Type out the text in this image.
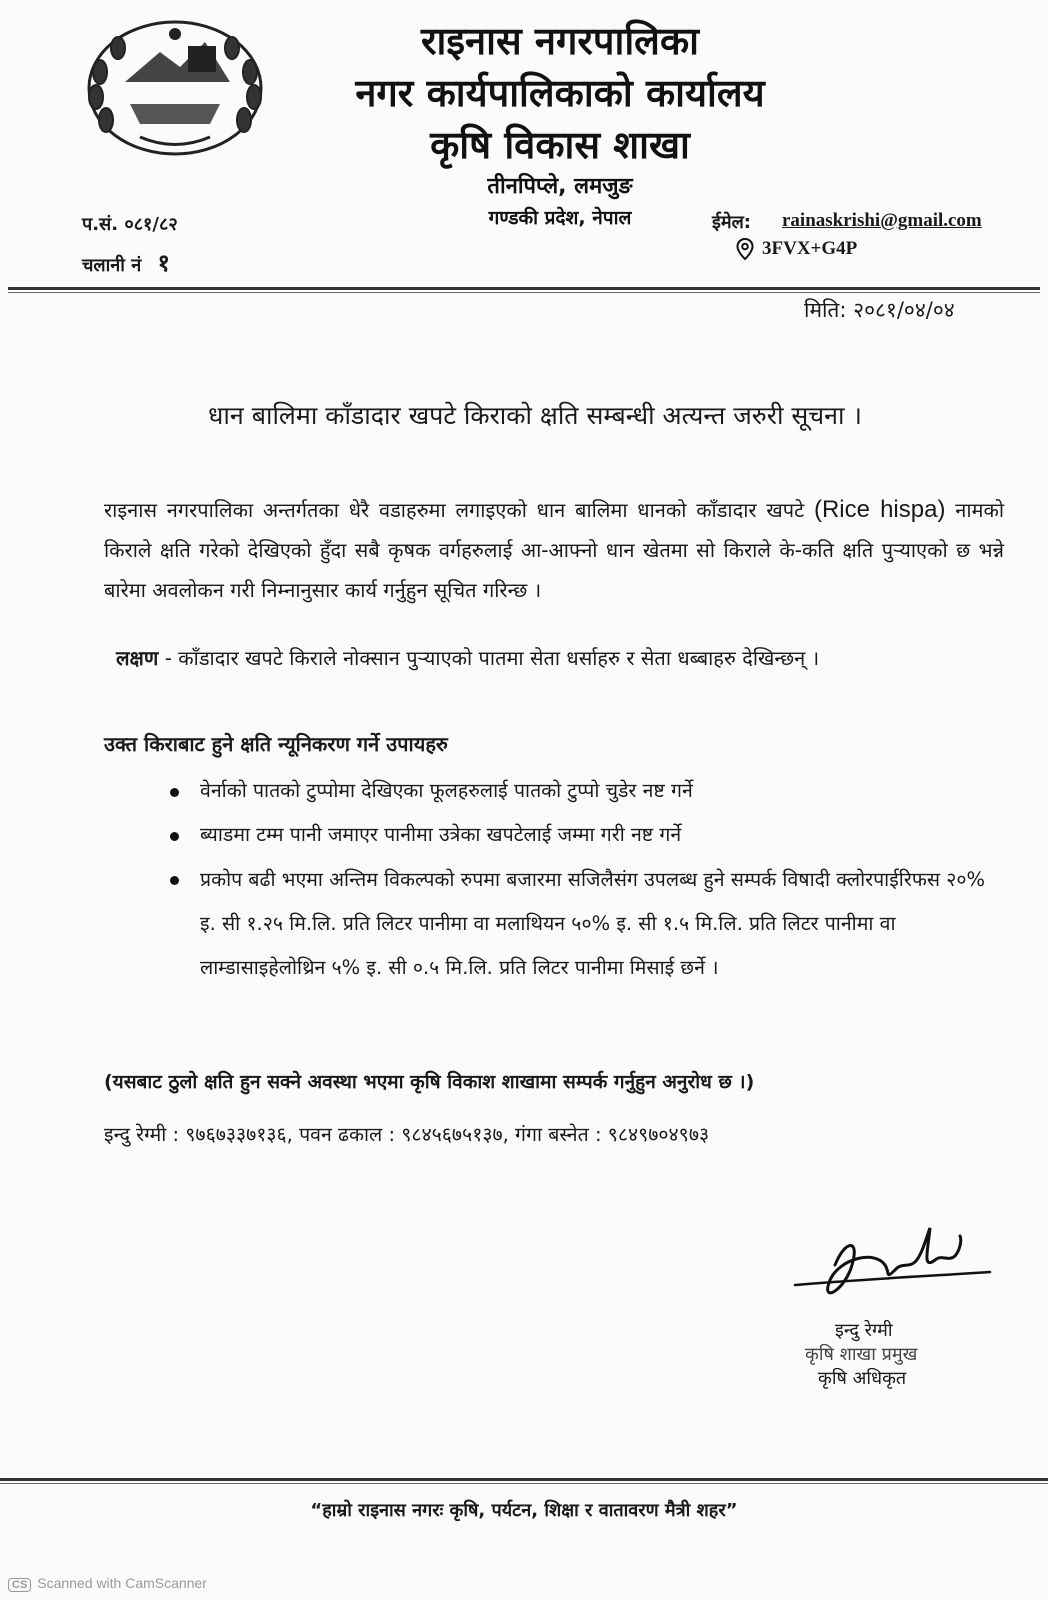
राइनास नगरपालिका
नगर कार्यपालिकाको कार्यालय
कृषि विकास शाखा
तीनपिप्ले, लमजुङ
गण्डकी प्रदेश, नेपाल
प.सं. ०८१/८२
चलानी नं १
ईमेल: rainaskrishi@gmail.com
3FVX+G4P
मिति: २०८१/०४/०४
धान बालिमा काँडादार खपटे किराको क्षति सम्बन्धी अत्यन्त जरुरी सूचना ।
राइनास नगरपालिका अन्तर्गतका धेरै वडाहरुमा लगाइएको धान बालिमा धानको काँडादार खपटे (Rice hispa) नामको किराले क्षति गरेको देखिएको हुँदा सबै कृषक वर्गहरुलाई आ-आफ्नो धान खेतमा सो किराले के-कति क्षति पुऱ्याएको छ भन्ने बारेमा अवलोकन गरी निम्नानुसार कार्य गर्नुहुन सूचित गरिन्छ ।
लक्षण - काँडादार खपटे किराले नोक्सान पुऱ्याएको पातमा सेता धर्साहरु र सेता धब्बाहरु देखिन्छन् ।
उक्त किराबाट हुने क्षति न्यूनिकरण गर्ने उपायहरु
वेर्नाको पातको टुप्पोमा देखिएका फूलहरुलाई पातको टुप्पो चुडेर नष्ट गर्ने
ब्याडमा टम्म पानी जमाएर पानीमा उत्रेका खपटेलाई जम्मा गरी नष्ट गर्ने
प्रकोप बढी भएमा अन्तिम विकल्पको रुपमा बजारमा सजिलैसंग उपलब्ध हुने सम्पर्क विषादी क्लोरपाईरिफस २०% इ. सी १.२५ मि.लि. प्रति लिटर पानीमा वा मलाथियन ५०% इ. सी १.५ मि.लि. प्रति लिटर पानीमा वा लाम्डासाइहेलोथ्रिन ५% इ. सी ०.५ मि.लि. प्रति लिटर पानीमा मिसाई छर्ने ।
(यसबाट ठुलो क्षति हुन सक्ने अवस्था भएमा कृषि विकाश शाखामा सम्पर्क गर्नुहुन अनुरोध छ ।)
इन्दु रेग्मी : ९७६७३३७१३६, पवन ढकाल : ९८४५६७५१३७, गंगा बस्नेत : ९८४९७०४९७३
इन्दु रेग्मी
कृषि शाखा प्रमुख
कृषि अधिकृत
“हाम्रो राइनास नगरः कृषि, पर्यटन, शिक्षा र वातावरण मैत्री शहर”
CS Scanned with CamScanner
